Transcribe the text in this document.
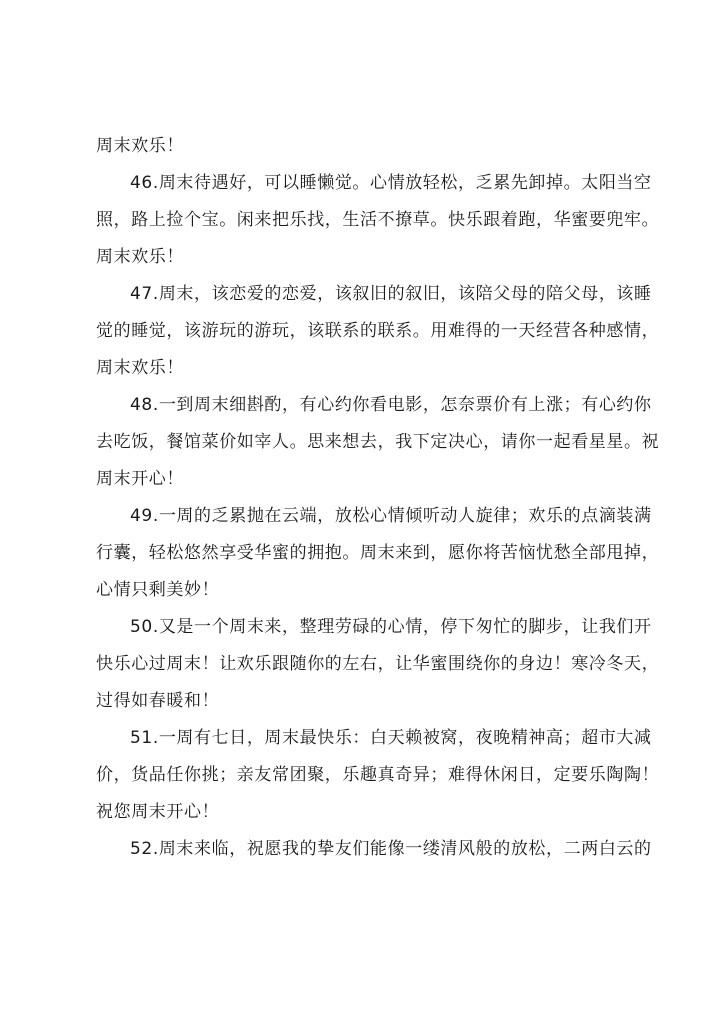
周末欢乐！
46.周末待遇好，可以睡懒觉。心情放轻松，乏累先卸掉。太阳当空
照，路上捡个宝。闲来把乐找，生活不撩草。快乐跟着跑，华蜜要兜牢。
周末欢乐！
47.周末，该恋爱的恋爱，该叙旧的叙旧，该陪父母的陪父母，该睡
觉的睡觉，该游玩的游玩，该联系的联系。用难得的一天经营各种感情，
周末欢乐！
48.一到周末细斟酌，有心约你看电影，怎奈票价有上涨；有心约你
去吃饭，餐馆菜价如宰人。思来想去，我下定决心，请你一起看星星。祝
周末开心！
49.一周的乏累抛在云端，放松心情倾听动人旋律；欢乐的点滴装满
行囊，轻松悠然享受华蜜的拥抱。周末来到，愿你将苦恼忧愁全部甩掉，
心情只剩美妙！
50.又是一个周末来，整理劳碌的心情，停下匆忙的脚步，让我们开
快乐心过周末！让欢乐跟随你的左右，让华蜜围绕你的身边！寒冷冬天，
过得如春暖和！
51.一周有七日，周末最快乐：白天赖被窝，夜晚精神高；超市大减
价，货品任你挑；亲友常团聚，乐趣真奇异；难得休闲日，定要乐陶陶！
祝您周末开心！
52.周末来临，祝愿我的挚友们能像一缕清风般的放松，二两白云的
